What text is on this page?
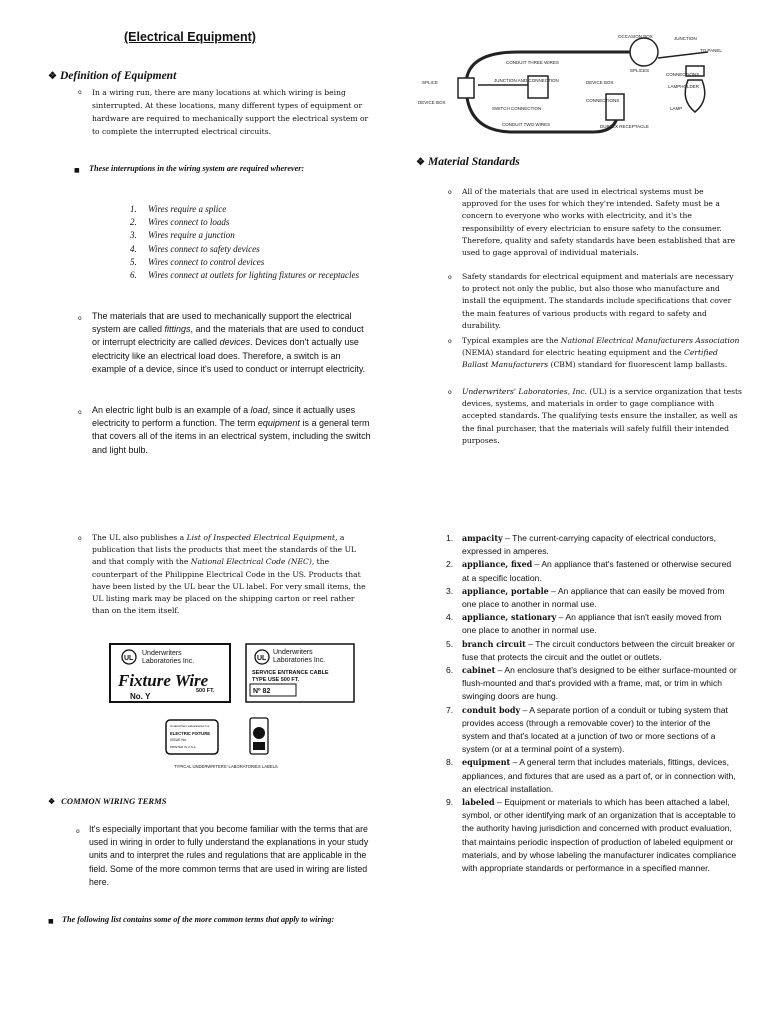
(Electrical Equipment)
❖ Definition of Equipment
o In a wiring run, there are many locations at which wiring is being sinterrupted. At these locations, many different types of equipment or hardware are required to mechanically support the electrical system or to complete the interrupted electrical circuits.
■ These interruptions in the wiring system are required wherever:
1.	Wires require a splice
2.	Wires connect to loads
3.	Wires require a junction
4.	Wires connect to safety devices
5.	Wires connect to control devices
6.	Wires connect at outlets for lighting fixtures or receptacles
o The materials that are used to mechanically support the electrical system are called fittings, and the materials that are used to conduct or interrupt electricity are called devices. Devices don't actually use electricity like an electrical load does. Therefore, a switch is an example of a device, since it's used to conduct or interrupt electricity.
o An electric light bulb is an example of a load, since it actually uses electricity to perform a function. The term equipment is a general term that covers all of the items in an electrical system, including the switch and light bulb.
OCCASION BOX	JUNCTION
TO PANEL
CONDUIT THREE WIRES
SPLICES
CONNECTIONS
LAMPHOLDER
SPLICE	JUNCTION AND CONNECTION	DEVICE BOX
DEVICE BOX	CONNECTIONS
SWITCH CONNECTION	LAMP
CONDUIT TWO WIRES	DUPLEX RECEPTACLE
❖ Material Standards
o All of the materials that are used in electrical systems must be approved for the uses for which they're intended. Safety must be a concern to everyone who works with electricity, and it's the responsibility of every electrician to ensure safety to the consumer. Therefore, quality and safety standards have been established that are used to gage approval of individual materials.
o Safety standards for electrical equipment and materials are necessary to protect not only the public, but also those who manufacture and install the equipment. The standards include specifications that cover the main features of various products with regard to safety and durability.
o Typical examples are the National Electrical Manufacturers Association (NEMA) standard for electric heating equipment and the Certified Ballast Manufacturers (CBM) standard for fluorescent lamp ballasts.
o Underwriters' Laboratories, Inc. (UL) is a service organization that tests devices, systems, and materials in order to gage compliance with accepted standards. The qualifying tests ensure the installer, as well as the final purchaser, that the materials will safely fulfill their intended purposes.
o The UL also publishes a List of Inspected Electrical Equipment, a publication that lists the products that meet the standards of the UL and that comply with the National Electrical Code (NEC), the counterpart of the Philippine Electrical Code in the US. Products that have been listed by the UL bear the UL label. For very small items, the UL listing mark may be placed on the shipping carton or reel rather than on the item itself.
UL
Underwriters
Laboratories Inc.
Fixture Wire
500 FT.
No. Y
UL
Underwriters
Laboratories Inc.
SERVICE ENTRANCE CABLE
TYPE USE 500 FT.
Nº 82
Underwriters Laboratories Inc.
ELECTRIC FIXTURE
ISSUE No.
PRINTED IN U.S.A.
TYPICAL UNDERWRITERS' LABORATORIES LABELS
❖ COMMON WIRING TERMS
o It's especially important that you become familiar with the terms that are used in wiring in order to fully understand the explanations in your study units and to interpret the rules and regulations that are applicable in the field. Some of the more common terms that are used in wiring are listed here.
■ The following list contains some of the more common terms that apply to wiring:
1.	ampacity – The current-carrying capacity of electrical conductors, expressed in amperes.
2.	appliance, fixed – An appliance that's fastened or otherwise secured at a specific location.
3.	appliance, portable – An appliance that can easily be moved from one place to another in normal use.
4.	appliance, stationary – An appliance that isn't easily moved from one place to another in normal use.
5.	branch circuit – The circuit conductors between the circuit breaker or fuse that protects the circuit and the outlet or outlets.
6.	cabinet – An enclosure that's designed to be either surface-mounted or flush-mounted and that's provided with a frame, mat, or trim in which swinging doors are hung.
7.	conduit body – A separate portion of a conduit or tubing system that provides access (through a removable cover) to the interior of the system and that's located at a junction of two or more sections of a system (or at a terminal point of a system).
8.	equipment – A general term that includes materials, fittings, devices, appliances, and fixtures that are used as a part of, or in connection with, an electrical installation.
9.	labeled – Equipment or materials to which has been attached a label, symbol, or other identifying mark of an organization that is acceptable to the authority having jurisdiction and concerned with product evaluation, that maintains periodic inspection of production of labeled equipment or materials, and by whose labeling the manufacturer indicates compliance with appropriate standards or performance in a specified manner.
